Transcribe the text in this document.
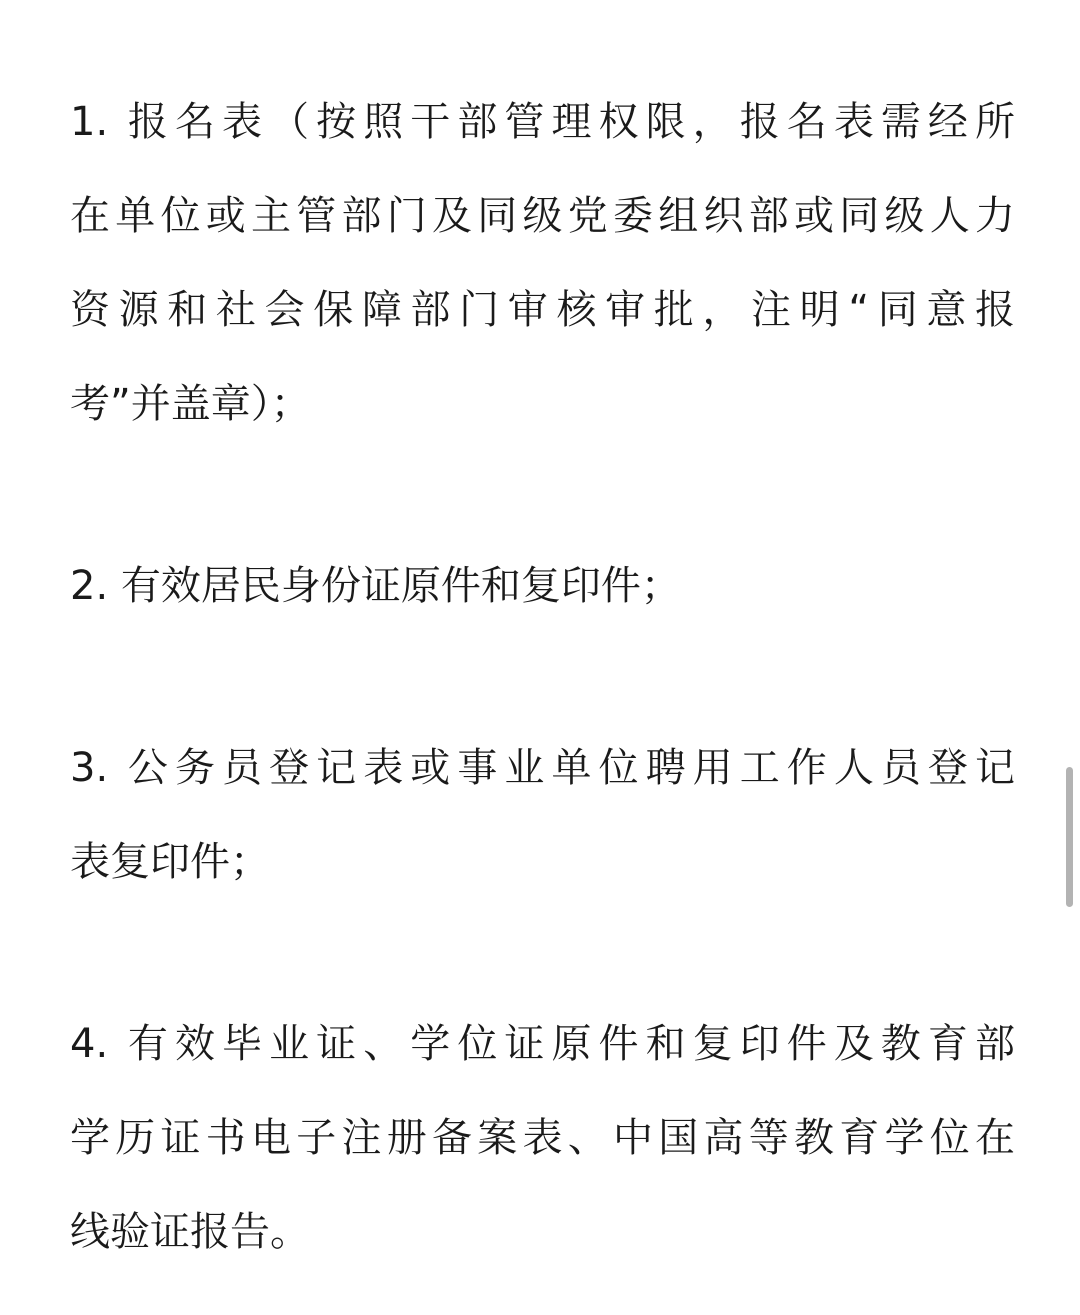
1. 报名表（按照干部管理权限，报名表需经所
在单位或主管部门及同级党委组织部或同级人力
资源和社会保障部门审核审批，注明“同意报
考”并盖章）；
2. 有效居民身份证原件和复印件；
3. 公务员登记表或事业单位聘用工作人员登记
表复印件；
4. 有效毕业证、学位证原件和复印件及教育部
学历证书电子注册备案表、中国高等教育学位在
线验证报告。
